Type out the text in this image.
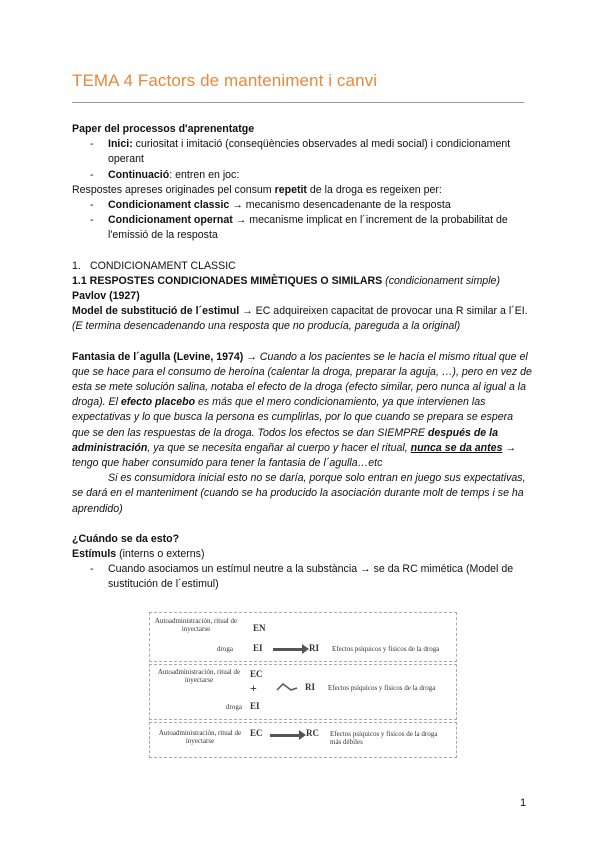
TEMA 4 Factors de manteniment i canvi

Paper del processos d'aprenentatge

-	Inici: curiositat i imitació (conseqüències observades al medi social) i condicionament operant
-	Continuació: entren en joc:

Respostes apreses originades pel consum repetit de la droga es regeixen per:

-	Condicionament classic → mecanismo desencadenante de la resposta
-	Condicionament opernat → mecanisme implicat en l´increment de la probabilitat de l'emissió de la resposta

1. CONDICIONAMENT CLASSIC

1.1 RESPOSTES CONDICIONADES MIMÈTIQUES O SIMILARS (condicionament simple)

Pavlov (1927)

Model de substitució de l´estimul → EC adquireixen capacitat de provocar una R similar a l´EI. (E termina desencadenando una resposta que no producía, pareguda a la original)

Fantasia de l´agulla (Levine, 1974) → Cuando a los pacientes se le hacía el mismo ritual que el que se hace para el consumo de heroína (calentar la droga, preparar la aguja, …), pero en vez de esta se mete solución salina, notaba el efecto de la droga (efecto similar, pero nunca al igual a la droga). El efecto placebo es más que el mero condicionamiento, ya que intervienen las expectativas y lo que busca la persona es cumplirlas, por lo que cuando se prepara se espera que se den las respuestas de la droga. Todos los efectos se dan SIEMPRE después de la administración, ya que se necesita engañar al cuerpo y hacer el ritual, nunca se da antes → tengo que haber consumido para tener la fantasia de l´agulla…etc

Si es consumidora inicial esto no se daría, porque solo entran en juego sus expectativas, se dará en el manteniment (cuando se ha producido la asociación durante molt de temps i se ha aprendido)

¿Cuándo se da esto?

Estímuls (interns o externs)

-	Cuando asociamos un estímul neutre a la substància → se da RC mimética (Model de sustitución de l´estimul)
Autoadministración, ritual de inyectarse	EN
droga EI	RI Efectos psíquicos y físicos de la droga
Autoadministración, ritual de inyectarse
EC
+
droga EI
RI Efectos psíquicos y físicos de la droga
Autoadministración, ritual de inyectarse
EC	RC Efectos psíquicos y físicos de la droga más débiles
1
